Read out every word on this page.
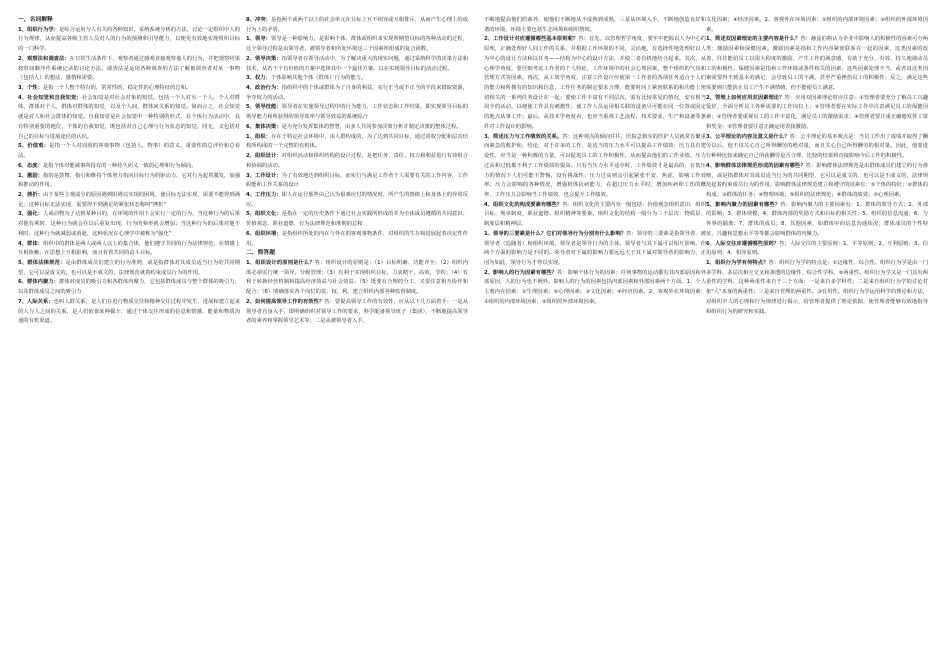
一、名词解释

1、组织行为学：是综合运用与人有关的各种知识，采纳系统分析的方法，讨论一定组织中人的行为规律，从而提高各级主管人员对人的行为的预测和引导能力，以便更有效地实现组织目标的一门科学。

2、观察法和调查法：在日常生活条件下，观察者通过感观直接观察他人的行为，并把观察结果按时间顺序作系统记录的讨论方法。调查法是运用各种调查的方法了解被调查者对某一事物（包括人）的想法，感情和需要。

3、个性：是指一个人整个特有的，常常性的，稳定性的心理特征的总和。

4、社会知觉和自我知觉：社会知觉是对社会对象的知觉。包括一个人对另一个人，个人对群体，群体对个人，群体对群体的知觉，以及个人间，群体间关系的知觉。简而言之，社会知觉就是对人和社会群体的知觉。自我知觉是社会知觉中一种特别的形式，在个体行为活动中，具有特别重要的地位，个体的自我知觉，既包括对自己心理与行为状态的知觉，同无，又包括对自己的目标与进展途径的认识。

5、价值观：是指一个人对周围的客观事物（包括人，物事）的意义，重要性的总评价和总看法。

6、态度：是指个体对能减事所持有的一种持久而又一致的心理和行为倾向。

1、激励：指的是鼓舞，指引和维持个体努力指向目标行为的驱动力，它对行为起着激发，加强和推动的作用。

2、挫折：由于某些主观或分的原因遇到阻碍以实现的困境，使目标无法实现，需要不能得到满足，这种目标无法实现，需要得不到满足的紧张状态称叫"挫折"

3、强化：人或动物为了达到某种目的，在环境的作用下会实行一定的行为，当这种行为的后果对他有利时，这种行为就会在以后重复出现，行为的频率就会增加；当这种行为的后果对他不利时，这种行为就减弱或消逝，这种状况在心理学中被称为"强化"

4、群体：组织中的群体是两人或两人以上的集合体，他们遵守共同的行为法律规范，在情感上互相依赖，在思想上互相影响，而且有着共同的奋斗目标。

5、群体法律规范：是由群体成员们建立的行为准则，或是指群体对其成员适当行为的共同期望，它可以是成文的，也可以是不成文的，法律规范就着约束成员行为的作用。

6、群体内聚力：群体对成员的吸引力和各群体内聚力，它包括群体成员与整个群体的吸引力，以及群体成员之间的吸引力

7、人际关系：也叫人群关系，是人们在进行物质交往和精神交往过程中发生、进展和建立起来的人与人之间的关系，是人们依靠某种媒介，通过个体交往形成的信息和情感、能量和物质沟通的有机渠道。

8、冲突：是指两个或两个以上的社会单元在目标上互不相容或互相排斥，从而产生心理上的或行为上的矛盾。

1、领导：领导是一种影响力，是影响个体、群体或组织来实现所期望目标的各种活动的过程，这个领导过程是由领导者、被领导者和所处环境这三个因素所组成的复合函数。

2、领导决策：指领导者在领导活动中，为了解决重大的现实问题，通过采纳科学的决策方法和技术，从若干个有价值的方案中选择其中一个最佳方案，以在实现领导目标的活动过程。

3、权力：个体影响其他个体（群体）行为的能力。

4、政治行为：指组织中的个体或群体为了自身的利益，实行正当或不正当的手段来猎取资源，争夺权力的活动。

5、领导技能：领导者在实施领导过程中的行为能力，工作状态和工作结果，即实现领导目标的领导能力和所获得的领导效率与领导效益的系统综合

6、集体决策：是为充分发挥集体的智慧，由多人共同参加决策分析并制定决策的整体过程。

1、组织：存在于特定社会环境中，由人群构成的，为了达到共同目标，通过责权分配和层次结构所构成的一个完整的有机体。

2、组织设计：对组织活动和组织结构的设计过程，是把任务、责任、权力和利益进行有效组合和协调的活动。

3、工作设计：为了有效地达到组织目标，而实行与满足工作者个人需要有关的工作内容，工作职能和工作关系的设计

4、工作压力：即人在运行那些由己认为很难应付的情况时，所产生的情绪上和身体上的异常反应。

5、组织文化：是指在一定的历史条件下通过社会实践所形成的并为全体成员遵循的共同意识、价值观念、职业道德、行为法律规范和准则的总和

6、组织环境：是指组织所处的内在与外在的客观事物条件，对组织的生存和进展起着决定性作用。

二、简答题

1、组织设计的原则是什么？答：组织设计的原则是：（1）目标明确、功能齐全；（2）组织内部必须实行统一领导，分级管理；（3）有利于实现组织目标，力求精干，高效，节约；（4）有利于转换经营机制和提高经济效益与社会效益；（5）既要有合理的分工，又要注意相互协作和配合；（6）明确落实各个岗位的责、权、利，建立组织内部各种监督制度。

2、如何提高领导工作的有效性？答：要提高领导工作的有效性，应从以下几方面着手：一是从领导者自身入手，即明确组织对领导工作的要求，科学配备领导班子（集团），不断地提高领导者的素养和掌握领导艺术等；二是从被领导者入手，

不断地提高他们的素养，使他们不断地从不成熟到成熟，三是从环境入手，不断地创造良好和谐的环境，环境主要包括生态环境和组织情境。

2、工作设计对应遵循哪些基本原则呢？答：首先，以管理哲学角度，要牢牢把握以人为中心的原理，正确处理好人同工作的关系，并根据工作环境的不同，灵活地，有选择性地处理好以人为中心的设计方法和以任务——结构为中心的设计方法，并使二者有机地结合起来。其次，从心理学角度，要仔细考虑工作者的个人特征，工作环境中的社会心理因素，整个组织的气氛和管理方式等因素。再次，从工效学角度，注意工作设计应使第一工作者的各项任务适合于人们的能力和所拥有的知识和信息，工作任务的制定要求合理，能要时间上紧密联系的和功能上密切相关的一系列任务设计在一起；要使工作丰富有不同层次，需有比较常见的情况，安有相当周全的活动，以便使工作具有刺激性；使工作人员运用相关联的设备尽可能在同一位置或固定的地点从事工作；最后，从技术学角度看，也应当重视工艺流程、技术要求、生产和设备等条件对工作设计的影响。

3、简述压力与工作绩效的关系。答：这种观点的倾向往往，医院急救室的医护人员就常有繁重而紧急的救护和，结论，对于许多的工作，是适当的压力水平可以提高工作绩效；压力具有建设性，应当是一种积极的力量，可以促进员工的工作积极性，从而提高他们的工作业绩。压力过高和过低都不利于工作绩效的提高；只有当压力水平适中时，工作绩效才是最高的；在低压力的情况下人们可能不警惕，没有挑战性；压力过高则会引起紧张不安，焦虑，影响工作效率。压力会影响的各种情况，增强机体抗病能力，在超过压力水平时，增加疾病和工伤的概率，工作压力会影响当工作绩效，也会提升工作绩效。

4、组织文化的构成要素有哪些？答：组织文化的主要内容一般包括：价值观念组织意识、组织目标、规章制度、职业道德、组织精神等要素。组织文化的结构一般分为三个层次：物质层、制度层和精神层。

1、领导的三要素是什么？它们对领导行为分别有什么影响？答：领导的三要素是指领导者、被领导者（追随者）和组织环境。领导者是领导行为的主体，领导者与其下属可以相互影响，但两个方面的影响力是不同的。领导者对下属的影响力要远远大于其下属对领导者的影响力，正因为如此，领导行为才得以实现。

2、影响人的行为因素有哪些？答：影响个体行为的因素：任何事物的运动都有其内部原因和外部原因，人的行为也不例外。影响人的行为的因素包括内部因素和外部因素两个方面。1、个人主观内在因素：①生理因素；②心理因素；③文化因素；④经济因素。2、客观外在环境因素：①组织的内部环境因素；②组织的外部环境因素。

文化因素；④经济因素。2、客观外在环境因素：①组织的内部环境因素；②组织的外部环境因素。

1、简述双因素理论的主要内容是什么？答：赫兹伯格认为企业中影响人的积极性的因素可分两类：激励因素和保健因素。激励因素是指和工作内容紧密联系在一起的因素，这类因素的改善，往往能给员工以很大程度的激励，产生工作的满意感，有助于充分、有效、持久地调动员工的积极性。保健因素是指和工作环境或条件相关的因素，这些因素处理不当，或者说这类因素需要得不到基本的满足，会导致员工的不满，甚至严重挫伤员工的积极性；反之，满足这些需要则只能防止员工产生不满情绪，但不能使员工满意。

2、管理上如何应用双因素理论？答：应用双因素理论时应注意：①管理者要充分了解员工兴趣爱好，全面分析员工各种需要的工作岗位上；②管理者要在实际工作中注意满足员工的保健因素；③管理者要重视员工的工作丰富化，满足员工的激励需求；④管理者要注重正确地发挥工资和奖金；⑤管理者要注意正确运用表扬激励。

3、公平理论的内容及意义是什么？答：公平理论的基本观点是：当员工作出了成绩并取得了酬劳以后，他不仅关心自己所得酬劳的绝对量，而且关心自己所得酬劳的相对量。因此，他要进行种种比较来确定自己所获酬劳是否合理，比较的结果将直接影响今后工作的积极性。

4、影响群体法律规范形成的因素有哪些？答：影响群体法律规范是由群体成员们建立的行为准则，或是指群体对其成员适当行为的共同期望，它可以是成文的，也可以是不成文的，法律规范起着约束成员行为的作用。影响群体法律规范建立和遵守的因素有：①个体的特征；②群体的构成；③群体的任务；④物理环境；⑤组织的法律规范；⑥群体的绩效；⑦心理因素。

5、影响内聚力的因素有哪些？答：影响内聚力的主要因素有：1、群体的领导方式；2、外部的影响；3、群体规模；4、群体内部的奖励方式和目标的相关性；5、组织的信息沟通；6、与外界的隔离；7、群体的成员；8、其他因素，如群体中的信息沟通状况，群体成员的个性特征，兴趣和思想水平等等都会影响群体的内聚力。

6、人际交往应遵循哪些原则？答：人际交往的主要原则：1、平等原则；2、互利原则；3、信用原则；4、相容原则。

1、组织行为学有何特点？答：组织行为学的特点是：①边缘性、综合性。组织行为学是由一门多学科、多层次相互交叉和渗透的边缘性、综合性学科。②两重性。组织行为学又是一门具有两重性的学科，这种两重性来自于三个方面：一是来自多学科性；二是来自组织行为学的讨论对象"人"本身的两重性；三是来自管理的两重性。③有用性。组织行为学运用科学的理论和方法，对组织中人的心理和行为规律进行揭示，给管理者提供了理论依据，使管理者能够有效地指导和组织行为的研究和实践。
